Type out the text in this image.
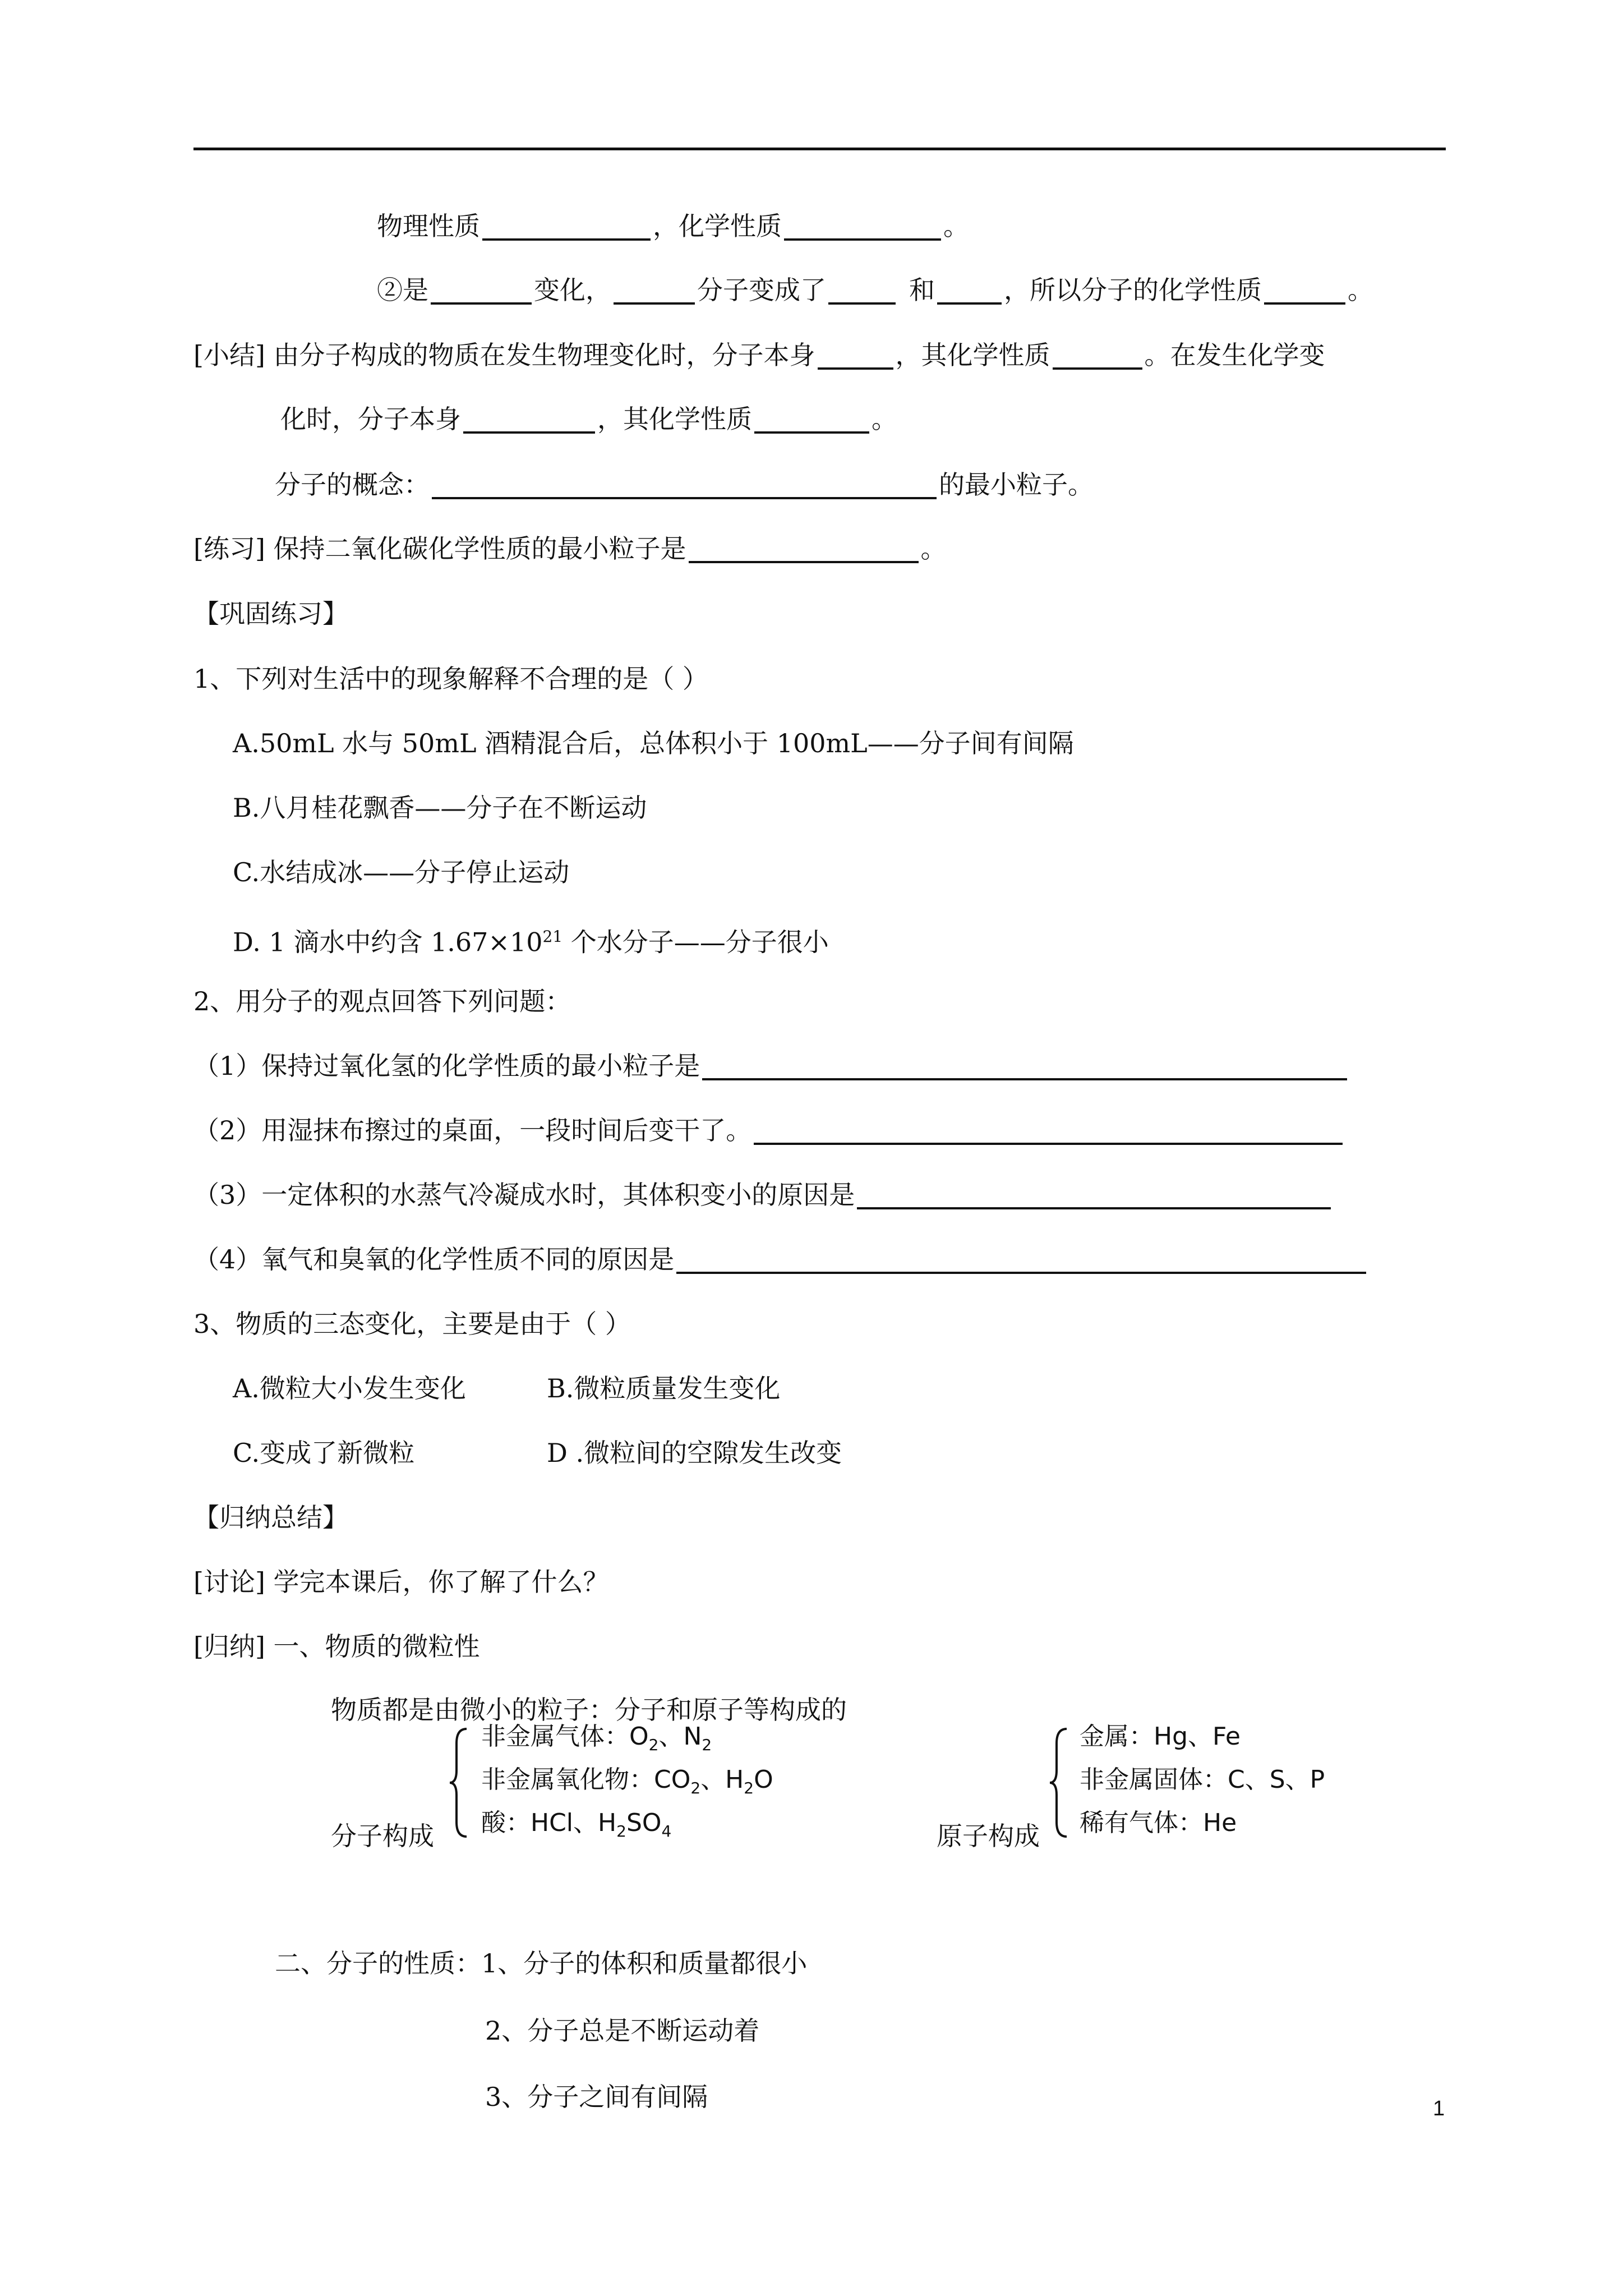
物理性质	，化学性质	。
②是	变化，	分子变成了	和	，所以分子的化学性质	。
[小结] 由分子构成的物质在发生物理变化时，分子本身	，其化学性质	。在发生化学变
化时，分子本身	，其化学性质	。
分子的概念：	的最小粒子。
[练习] 保持二氧化碳化学性质的最小粒子是	。
【巩固练习】
1、下列对生活中的现象解释不合理的是（ ）
A.50mL 水与 50mL 酒精混合后，总体积小于 100mL——分子间有间隔
B.八月桂花飘香——分子在不断运动
C.水结成冰——分子停止运动
D. 1 滴水中约含 $1.67\times 10^{21}$ 个水分子——分子很小
2、用分子的观点回答下列问题：
（1）保持过氧化氢的化学性质的最小粒子是
（2）用湿抹布擦过的桌面，一段时间后变干了。
（3）一定体积的水蒸气冷凝成水时，其体积变小的原因是
（4）氧气和臭氧的化学性质不同的原因是
3、物质的三态变化，主要是由于（ ）
A.微粒大小发生变化	B.微粒质量发生变化
C.变成了新微粒	D .微粒间的空隙发生改变
【归纳总结】
[讨论] 学完本课后，你了解了什么？
[归纳] 一、物质的微粒性
物质都是由微小的粒子：分子和原子等构成的
分子构成
非金属气体：$O_2$、$N_2$
非金属氧化物：$CO_2$、$H_2O$
酸：HCl、$H_2SO_4$	原子构成
金属：Hg、Fe
非金属固体：C、S、P
稀有气体：He
二、分子的性质：1、分子的体积和质量都很小
2、分子总是不断运动着
3、分子之间有间隔	1
